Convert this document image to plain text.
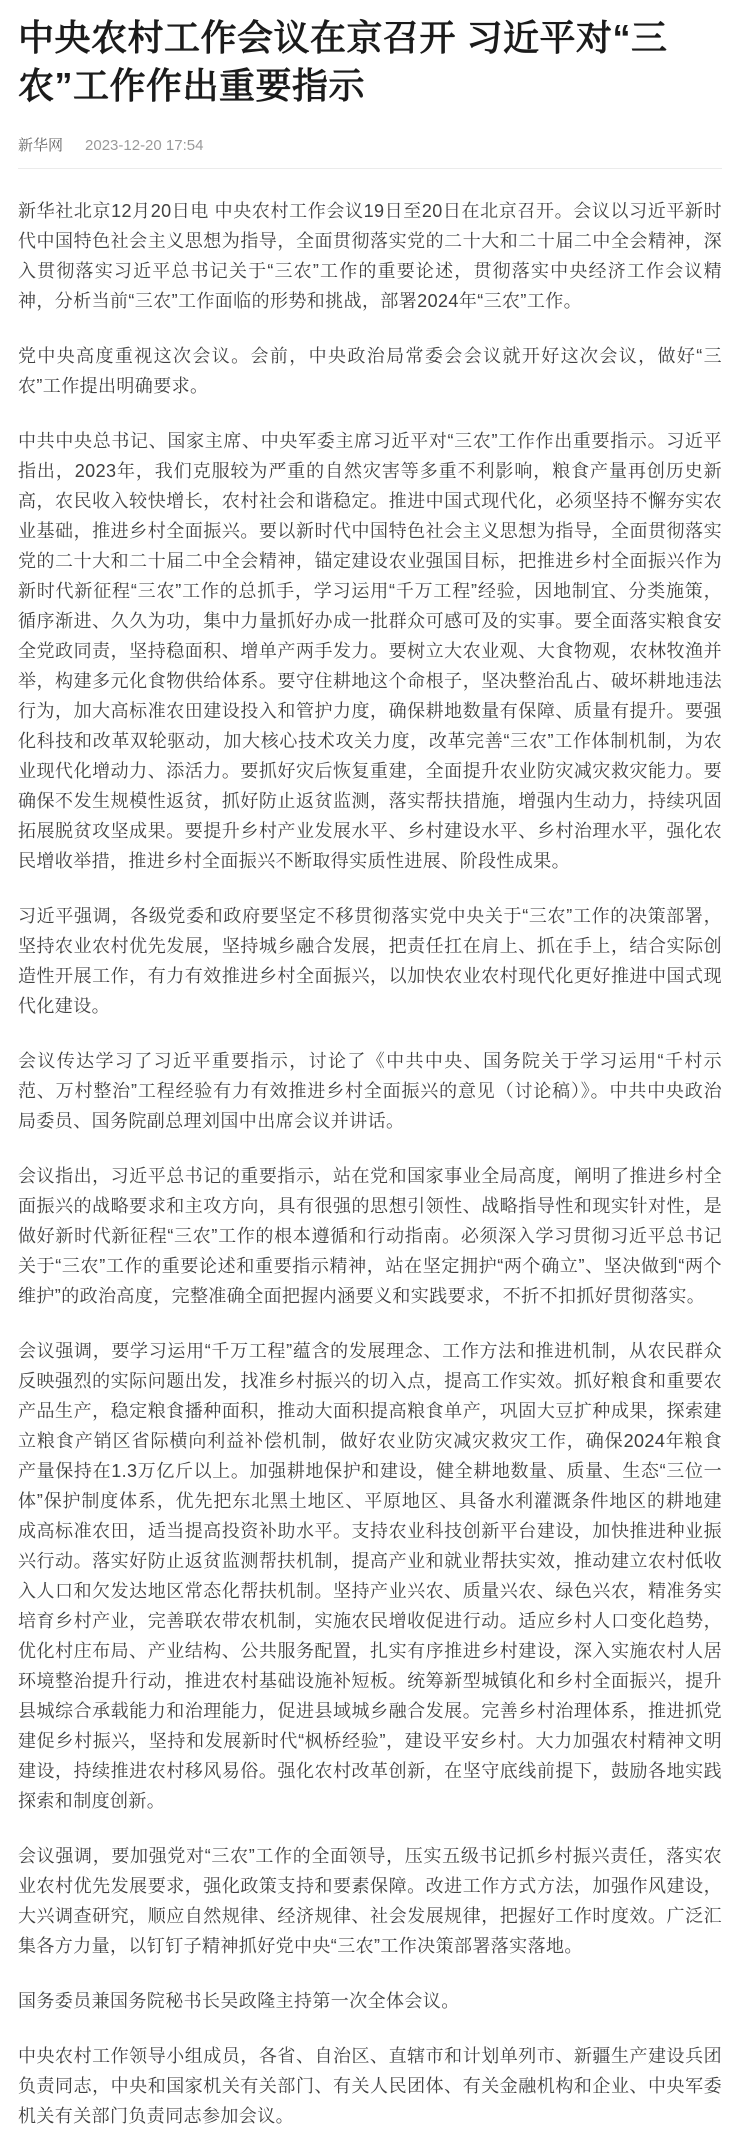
中央农村工作会议在京召开 习近平对“三农”工作作出重要指示
新华网 2023-12-20 17:54

新华社北京12月20日电 中央农村工作会议19日至20日在北京召开。会议以习近平新时代中国特色社会主义思想为指导，全面贯彻落实党的二十大和二十届二中全会精神，深入贯彻落实习近平总书记关于“三农”工作的重要论述，贯彻落实中央经济工作会议精神，分析当前“三农”工作面临的形势和挑战，部署2024年“三农”工作。

党中央高度重视这次会议。会前，中央政治局常委会会议就开好这次会议，做好“三农”工作提出明确要求。

中共中央总书记、国家主席、中央军委主席习近平对“三农”工作作出重要指示。习近平指出，2023年，我们克服较为严重的自然灾害等多重不利影响，粮食产量再创历史新高，农民收入较快增长，农村社会和谐稳定。推进中国式现代化，必须坚持不懈夯实农业基础，推进乡村全面振兴。要以新时代中国特色社会主义思想为指导，全面贯彻落实党的二十大和二十届二中全会精神，锚定建设农业强国目标，把推进乡村全面振兴作为新时代新征程“三农”工作的总抓手，学习运用“千万工程”经验，因地制宜、分类施策，循序渐进、久久为功，集中力量抓好办成一批群众可感可及的实事。要全面落实粮食安全党政同责，坚持稳面积、增单产两手发力。要树立大农业观、大食物观，农林牧渔并举，构建多元化食物供给体系。要守住耕地这个命根子，坚决整治乱占、破坏耕地违法行为，加大高标准农田建设投入和管护力度，确保耕地数量有保障、质量有提升。要强化科技和改革双轮驱动，加大核心技术攻关力度，改革完善“三农”工作体制机制，为农业现代化增动力、添活力。要抓好灾后恢复重建，全面提升农业防灾减灾救灾能力。要确保不发生规模性返贫，抓好防止返贫监测，落实帮扶措施，增强内生动力，持续巩固拓展脱贫攻坚成果。要提升乡村产业发展水平、乡村建设水平、乡村治理水平，强化农民增收举措，推进乡村全面振兴不断取得实质性进展、阶段性成果。

习近平强调，各级党委和政府要坚定不移贯彻落实党中央关于“三农”工作的决策部署，坚持农业农村优先发展，坚持城乡融合发展，把责任扛在肩上、抓在手上，结合实际创造性开展工作，有力有效推进乡村全面振兴，以加快农业农村现代化更好推进中国式现代化建设。

会议传达学习了习近平重要指示，讨论了《中共中央、国务院关于学习运用“千村示范、万村整治”工程经验有力有效推进乡村全面振兴的意见（讨论稿）》。中共中央政治局委员、国务院副总理刘国中出席会议并讲话。

会议指出，习近平总书记的重要指示，站在党和国家事业全局高度，阐明了推进乡村全面振兴的战略要求和主攻方向，具有很强的思想引领性、战略指导性和现实针对性，是做好新时代新征程“三农”工作的根本遵循和行动指南。必须深入学习贯彻习近平总书记关于“三农”工作的重要论述和重要指示精神，站在坚定拥护“两个确立”、坚决做到“两个维护”的政治高度，完整准确全面把握内涵要义和实践要求，不折不扣抓好贯彻落实。

会议强调，要学习运用“千万工程”蕴含的发展理念、工作方法和推进机制，从农民群众反映强烈的实际问题出发，找准乡村振兴的切入点，提高工作实效。抓好粮食和重要农产品生产，稳定粮食播种面积，推动大面积提高粮食单产，巩固大豆扩种成果，探索建立粮食产销区省际横向利益补偿机制，做好农业防灾减灾救灾工作，确保2024年粮食产量保持在1.3万亿斤以上。加强耕地保护和建设，健全耕地数量、质量、生态“三位一体”保护制度体系，优先把东北黑土地区、平原地区、具备水利灌溉条件地区的耕地建成高标准农田，适当提高投资补助水平。支持农业科技创新平台建设，加快推进种业振兴行动。落实好防止返贫监测帮扶机制，提高产业和就业帮扶实效，推动建立农村低收入人口和欠发达地区常态化帮扶机制。坚持产业兴农、质量兴农、绿色兴农，精准务实培育乡村产业，完善联农带农机制，实施农民增收促进行动。适应乡村人口变化趋势，优化村庄布局、产业结构、公共服务配置，扎实有序推进乡村建设，深入实施农村人居环境整治提升行动，推进农村基础设施补短板。统筹新型城镇化和乡村全面振兴，提升县城综合承载能力和治理能力，促进县域城乡融合发展。完善乡村治理体系，推进抓党建促乡村振兴，坚持和发展新时代“枫桥经验”，建设平安乡村。大力加强农村精神文明建设，持续推进农村移风易俗。强化农村改革创新，在坚守底线前提下，鼓励各地实践探索和制度创新。

会议强调，要加强党对“三农”工作的全面领导，压实五级书记抓乡村振兴责任，落实农业农村优先发展要求，强化政策支持和要素保障。改进工作方式方法，加强作风建设，大兴调查研究，顺应自然规律、经济规律、社会发展规律，把握好工作时度效。广泛汇集各方力量，以钉钉子精神抓好党中央“三农”工作决策部署落实落地。

国务委员兼国务院秘书长吴政隆主持第一次全体会议。

中央农村工作领导小组成员，各省、自治区、直辖市和计划单列市、新疆生产建设兵团负责同志，中央和国家机关有关部门、有关人民团体、有关金融机构和企业、中央军委机关有关部门负责同志参加会议。
